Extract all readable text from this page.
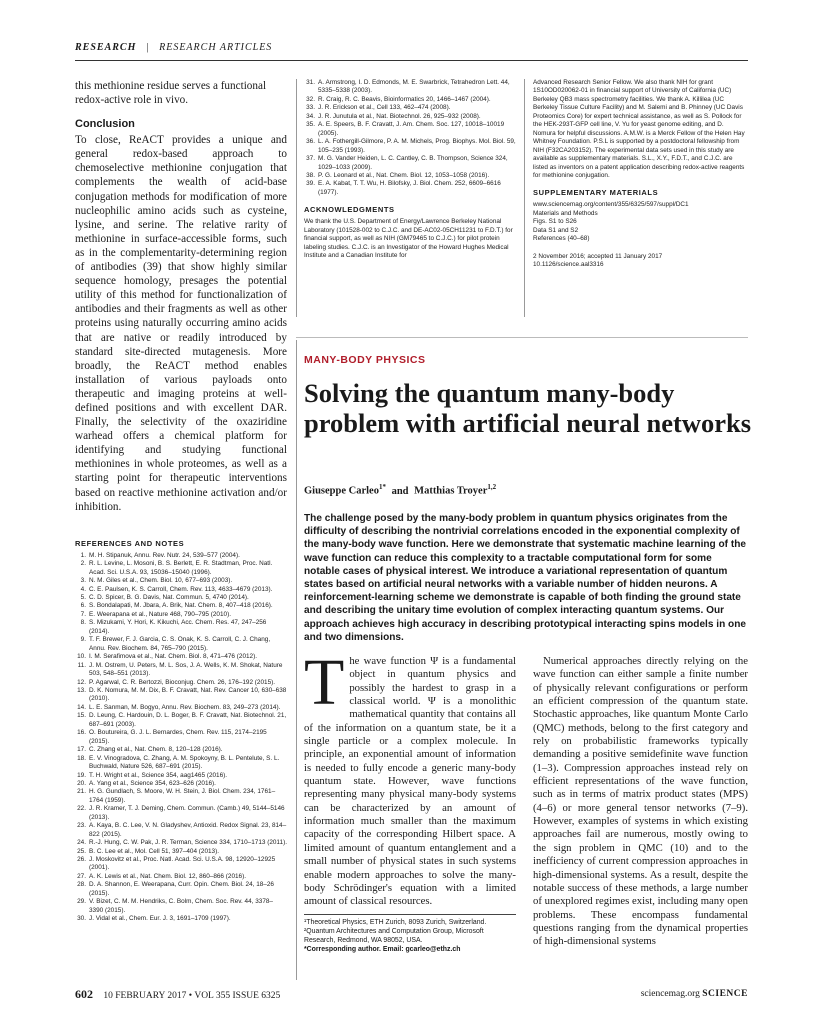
RESEARCH | RESEARCH ARTICLES

this methionine residue serves a functional redox-active role in vivo.

Conclusion

To close, ReACT provides a unique and general redox-based approach to chemoselective methionine conjugation that complements the wealth of acid-base conjugation methods for modification of more nucleophilic amino acids such as cysteine, lysine, and serine. The relative rarity of methionine in surface-accessible forms, such as in the complementarity-determining region of antibodies (39) that show highly similar sequence homology, presages the potential utility of this method for functionalization of antibodies and their fragments as well as other proteins using naturally occurring amino acids that are native or readily introduced by standard site-directed mutagenesis. More broadly, the ReACT method enables installation of various payloads onto therapeutic and imaging proteins at well-defined positions and with excellent DAR. Finally, the selectivity of the oxaziridine warhead offers a chemical platform for identifying and studying functional methionines in whole proteomes, as well as a starting point for therapeutic interventions based on reactive methionine activation and/or inhibition.

REFERENCES AND NOTES
1. M. H. Stipanuk, Annu. Rev. Nutr. 24, 539–577 (2004).
2. R. L. Levine, L. Mosoni, B. S. Berlett, E. R. Stadtman, Proc. Natl. Acad. Sci. U.S.A. 93, 15036–15040 (1996).
3. N. M. Giles et al., Chem. Biol. 10, 677–693 (2003).
4. C. E. Paulsen, K. S. Carroll, Chem. Rev. 113, 4633–4679 (2013).
5. C. D. Spicer, B. G. Davis, Nat. Commun. 5, 4740 (2014).
6. S. Bondalapati, M. Jbara, A. Brik, Nat. Chem. 8, 407–418 (2016).
7. E. Weerapana et al., Nature 468, 790–795 (2010).
8. S. Mizukami, Y. Hori, K. Kikuchi, Acc. Chem. Res. 47, 247–256 (2014).
9. T. F. Brewer, F. J. Garcia, C. S. Onak, K. S. Carroll, C. J. Chang, Annu. Rev. Biochem. 84, 765–790 (2015).
10. I. M. Serafimova et al., Nat. Chem. Biol. 8, 471–476 (2012).
11. J. M. Ostrem, U. Peters, M. L. Sos, J. A. Wells, K. M. Shokat, Nature 503, 548–551 (2013).
12. P. Agarwal, C. R. Bertozzi, Bioconjug. Chem. 26, 176–192 (2015).
13. D. K. Nomura, M. M. Dix, B. F. Cravatt, Nat. Rev. Cancer 10, 630–638 (2010).
14. L. E. Sanman, M. Bogyo, Annu. Rev. Biochem. 83, 249–273 (2014).
15. D. Leung, C. Hardouin, D. L. Boger, B. F. Cravatt, Nat. Biotechnol. 21, 687–691 (2003).
16. O. Boutureira, G. J. L. Bernardes, Chem. Rev. 115, 2174–2195 (2015).
17. C. Zhang et al., Nat. Chem. 8, 120–128 (2016).
18. E. V. Vinogradova, C. Zhang, A. M. Spokoyny, B. L. Pentelute, S. L. Buchwald, Nature 526, 687–691 (2015).
19. T. H. Wright et al., Science 354, aag1465 (2016).
20. A. Yang et al., Science 354, 623–626 (2016).
21. H. G. Gundlach, S. Moore, W. H. Stein, J. Biol. Chem. 234, 1761–1764 (1959).
22. J. R. Kramer, T. J. Deming, Chem. Commun. (Camb.) 49, 5144–5146 (2013).
23. A. Kaya, B. C. Lee, V. N. Gladyshev, Antioxid. Redox Signal. 23, 814–822 (2015).
24. R.-J. Hung, C. W. Pak, J. R. Terman, Science 334, 1710–1713 (2011).
25. B. C. Lee et al., Mol. Cell 51, 397–404 (2013).
26. J. Moskovitz et al., Proc. Natl. Acad. Sci. U.S.A. 98, 12920–12925 (2001).
27. A. K. Lewis et al., Nat. Chem. Biol. 12, 860–866 (2016).
28. D. A. Shannon, E. Weerapana, Curr. Opin. Chem. Biol. 24, 18–26 (2015).
29. V. Bizet, C. M. M. Hendriks, C. Bolm, Chem. Soc. Rev. 44, 3378–3390 (2015).
30. J. Vidal et al., Chem. Eur. J. 3, 1691–1709 (1997).
31. A. Armstrong, I. D. Edmonds, M. E. Swarbrick, Tetrahedron Lett. 44, 5335–5338 (2003).
32. R. Craig, R. C. Beavis, Bioinformatics 20, 1466–1467 (2004).
33. J. R. Erickson et al., Cell 133, 462–474 (2008).
34. J. R. Junutula et al., Nat. Biotechnol. 26, 925–932 (2008).
35. A. E. Speers, B. F. Cravatt, J. Am. Chem. Soc. 127, 10018–10019 (2005).
36. L. A. Fothergill-Gilmore, P. A. M. Michels, Prog. Biophys. Mol. Biol. 59, 105–235 (1993).
37. M. G. Vander Heiden, L. C. Cantley, C. B. Thompson, Science 324, 1029–1033 (2009).
38. P. G. Leonard et al., Nat. Chem. Biol. 12, 1053–1058 (2016).
39. E. A. Kabat, T. T. Wu, H. Bilofsky, J. Biol. Chem. 252, 6609–6616 (1977).
ACKNOWLEDGMENTS

We thank the U.S. Department of Energy/Lawrence Berkeley National Laboratory (101528-002 to C.J.C. and DE-AC02-05CH11231 to F.D.T.) for financial support, as well as NIH (GM79465 to C.J.C.) for pilot protein labeling studies. C.J.C. is an Investigator of the Howard Hughes Medical Institute and a Canadian Institute for

Advanced Research Senior Fellow. We also thank NIH for grant 1S10OD020062-01 in financial support of University of California (UC) Berkeley QB3 mass spectrometry facilities. We thank A. Killilea (UC Berkeley Tissue Culture Facility) and M. Salemi and B. Phinney (UC Davis Proteomics Core) for expert technical assistance, as well as S. Pollock for the HEK-293T-GFP cell line, V. Yu for yeast genome editing, and D. Nomura for helpful discussions. A.M.W. is a Merck Fellow of the Helen Hay Whitney Foundation. P.S.L is supported by a postdoctoral fellowship from NIH (F32CA203152). The experimental data sets used in this study are available as supplementary materials. S.L., X.Y., F.D.T., and C.J.C. are listed as inventors on a patent application describing redox-active reagents for methionine conjugation.

SUPPLEMENTARY MATERIALS

www.sciencemag.org/content/355/6325/597/suppl/DC1

Materials and Methods

Figs. S1 to S26

Data S1 and S2

References (40–68)

2 November 2016; accepted 11 January 2017

10.1126/science.aal3316

MANY-BODY PHYSICS
Solving the quantum many-body problem with artificial neural networks
Giuseppe Carleo$^{1*}$ and Matthias Troyer$^{1,2}$

The challenge posed by the many-body problem in quantum physics originates from the difficulty of describing the nontrivial correlations encoded in the exponential complexity of the many-body wave function. Here we demonstrate that systematic machine learning of the wave function can reduce this complexity to a tractable computational form for some notable cases of physical interest. We introduce a variational representation of quantum states based on artificial neural networks with a variable number of hidden neurons. A reinforcement-learning scheme we demonstrate is capable of both finding the ground state and describing the unitary time evolution of complex interacting quantum systems. Our approach achieves high accuracy in describing prototypical interacting spins models in one and two dimensions.

The wave function Ψ is a fundamental object in quantum physics and possibly the hardest to grasp in a classical world. Ψ is a monolithic mathematical quantity that contains all of the information on a quantum state, be it a single particle or a complex molecule. In principle, an exponential amount of information is needed to fully encode a generic many-body quantum state. However, wave functions representing many physical many-body systems can be characterized by an amount of information much smaller than the maximum capacity of the corresponding Hilbert space. A limited amount of quantum entanglement and a small number of physical states in such systems enable modern approaches to solve the many-body Schrödinger's equation with a limited amount of classical resources.

¹Theoretical Physics, ETH Zurich, 8093 Zurich, Switzerland.

²Quantum Architectures and Computation Group, Microsoft Research, Redmond, WA 98052, USA.

*Corresponding author. Email: gcarleo@ethz.ch

Numerical approaches directly relying on the wave function can either sample a finite number of physically relevant configurations or perform an efficient compression of the quantum state. Stochastic approaches, like quantum Monte Carlo (QMC) methods, belong to the first category and rely on probabilistic frameworks typically demanding a positive semidefinite wave function (1–3). Compression approaches instead rely on efficient representations of the wave function, such as in terms of matrix product states (MPS) (4–6) or more general tensor networks (7–9). However, examples of systems in which existing approaches fail are numerous, mostly owing to the sign problem in QMC (10) and to the inefficiency of current compression approaches in high-dimensional systems. As a result, despite the notable success of these methods, a large number of unexplored regimes exist, including many open problems. These encompass fundamental questions ranging from the dynamical properties of high-dimensional systems

602 10 FEBRUARY 2017 • VOL 355 ISSUE 6325	sciencemag.org SCIENCE
